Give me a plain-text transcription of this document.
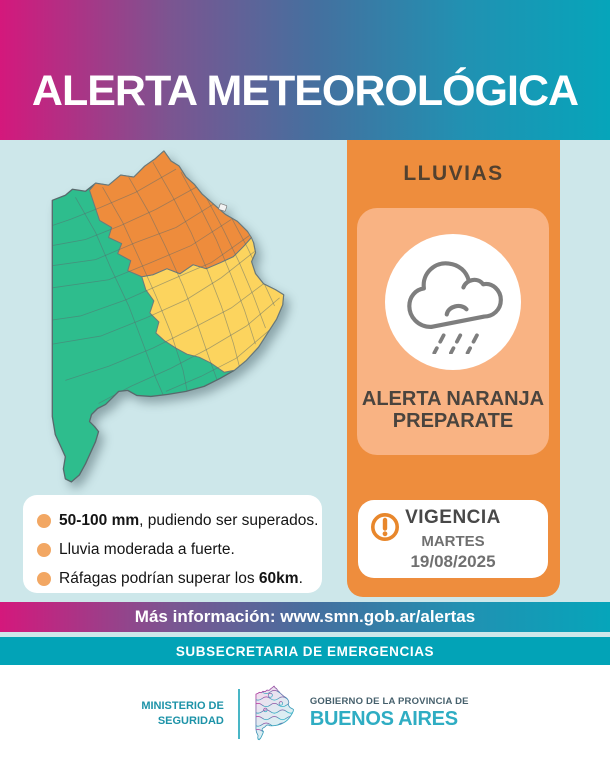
ALERTA METEOROLÓGICA
LLUVIAS
ALERTA NARANJA
PREPARATE
VIGENCIA
MARTES
19/08/2025
50-100 mm, pudiendo ser superados.
Lluvia moderada a fuerte.
Ráfagas podrían superar los 60km.
Más información: www.smn.gob.ar/alertas
SUBSECRETARIA DE EMERGENCIAS
MINISTERIO DE
SEGURIDAD
GOBIERNO DE LA PROVINCIA DE
BUENOS AIRES
